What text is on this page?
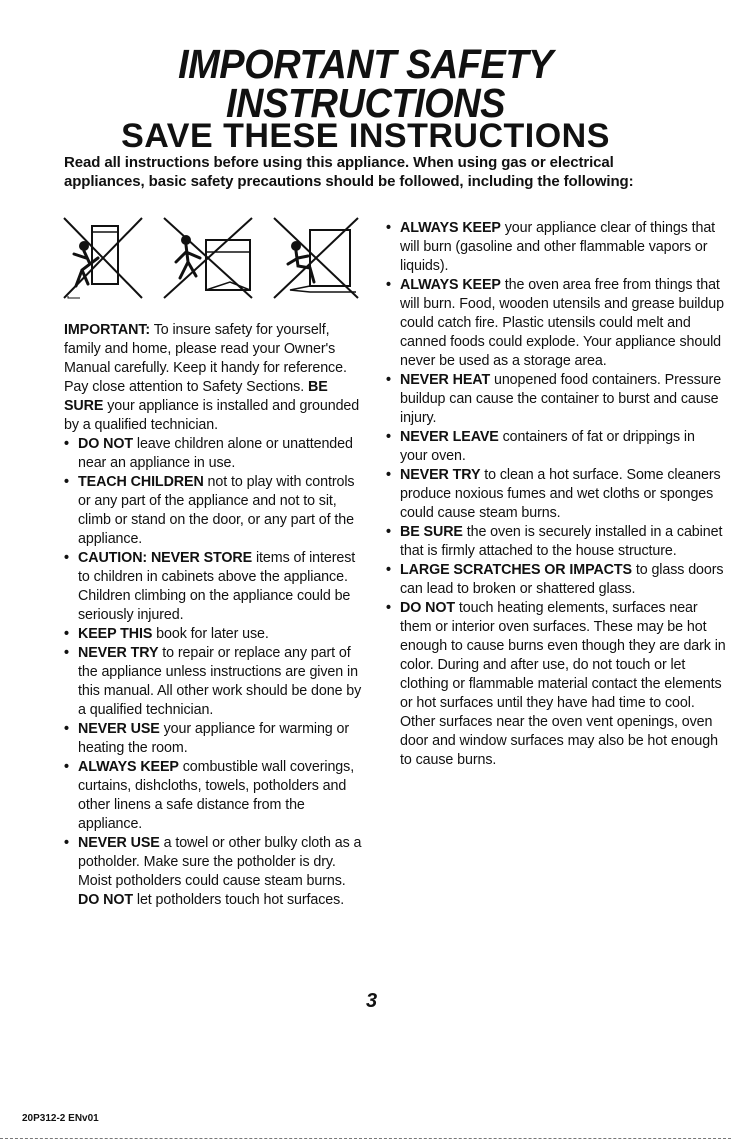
IMPORTANT SAFETY
INSTRUCTIONS
SAVE THESE INSTRUCTIONS
Read all instructions before using this appliance. When using gas or electrical appliances, basic safety precautions should be followed, including the following:

IMPORTANT: To insure safety for yourself, family and home, please read your Owner's Manual carefully. Keep it handy for reference. Pay close attention to Safety Sections. BE SURE your appliance is installed and grounded by a qualified technician.

• DO NOT leave children alone or unattended near an appliance in use.

• TEACH CHILDREN not to play with controls or any part of the appliance and not to sit, climb or stand on the door, or any part of the appliance.

• CAUTION: NEVER STORE items of interest to children in cabinets above the appliance. Children climbing on the appliance could be seriously injured.

• KEEP THIS book for later use.

• NEVER TRY to repair or replace any part of the appliance unless instructions are given in this manual. All other work should be done by a qualified technician.

• NEVER USE your appliance for warming or heating the room.

• ALWAYS KEEP combustible wall coverings, curtains, dishcloths, towels, potholders and other linens a safe distance from the appliance.

• NEVER USE a towel or other bulky cloth as a potholder. Make sure the potholder is dry. Moist potholders could cause steam burns. DO NOT let potholders touch hot surfaces.

• ALWAYS KEEP your appliance clear of things that will burn (gasoline and other flammable vapors or liquids).

• ALWAYS KEEP the oven area free from things that will burn. Food, wooden utensils and grease buildup could catch fire. Plastic utensils could melt and canned foods could explode. Your appliance should never be used as a storage area.

• NEVER HEAT unopened food containers. Pressure buildup can cause the container to burst and cause injury.

• NEVER LEAVE containers of fat or drippings in your oven.

• NEVER TRY to clean a hot surface. Some cleaners produce noxious fumes and wet cloths or sponges could cause steam burns.

• BE SURE the oven is securely installed in a cabinet that is firmly attached to the house structure.

• LARGE SCRATCHES OR IMPACTS to glass doors can lead to broken or shattered glass.

• DO NOT touch heating elements, surfaces near them or interior oven surfaces. These may be hot enough to cause burns even though they are dark in color. During and after use, do not touch or let clothing or flammable material contact the elements or hot surfaces until they have had time to cool. Other surfaces near the oven vent openings, oven door and window surfaces may also be hot enough to cause burns.

3
20P312-2 ENv01
